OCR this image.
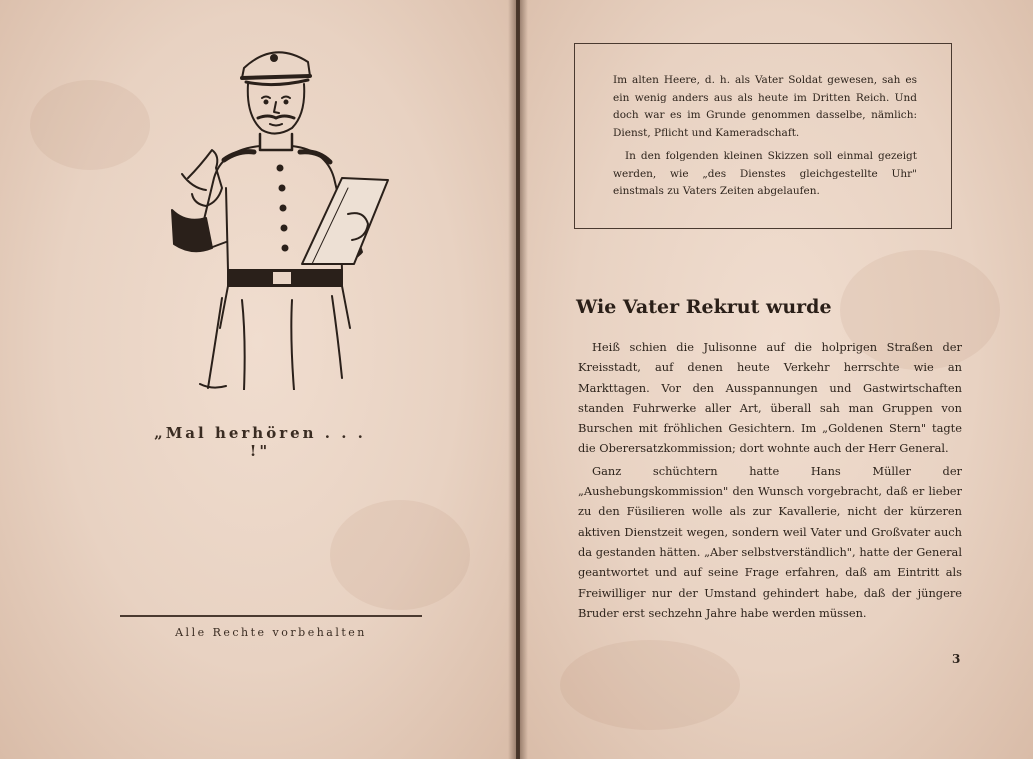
„Mal herhören . . . !"
Alle Rechte vorbehalten

Im alten Heere, d. h. als Vater Soldat gewesen, sah es ein wenig anders aus als heute im Dritten Reich. Und doch war es im Grunde genommen dasselbe, nämlich: Dienst, Pflicht und Kameradschaft.

In den folgenden kleinen Skizzen soll einmal gezeigt werden, wie „des Dienstes gleichgestellte Uhr" einstmals zu Vaters Zeiten abgelaufen.

Wie Vater Rekrut wurde

Heiß schien die Julisonne auf die holprigen Straßen der Kreisstadt, auf denen heute Verkehr herrschte wie an Markttagen. Vor den Ausspannungen und Gastwirtschaften standen Fuhrwerke aller Art, überall sah man Gruppen von Burschen mit fröhlichen Gesichtern. Im „Goldenen Stern" tagte die Oberersatzkommission; dort wohnte auch der Herr General.

Ganz schüchtern hatte Hans Müller der „Aushebungskommission" den Wunsch vorgebracht, daß er lieber zu den Füsilieren wolle als zur Kavallerie, nicht der kürzeren aktiven Dienstzeit wegen, sondern weil Vater und Großvater auch da gestanden hätten. „Aber selbstverständlich", hatte der General geantwortet und auf seine Frage erfahren, daß am Eintritt als Freiwilliger nur der Umstand gehindert habe, daß der jüngere Bruder erst sechzehn Jahre habe werden müssen.

3
